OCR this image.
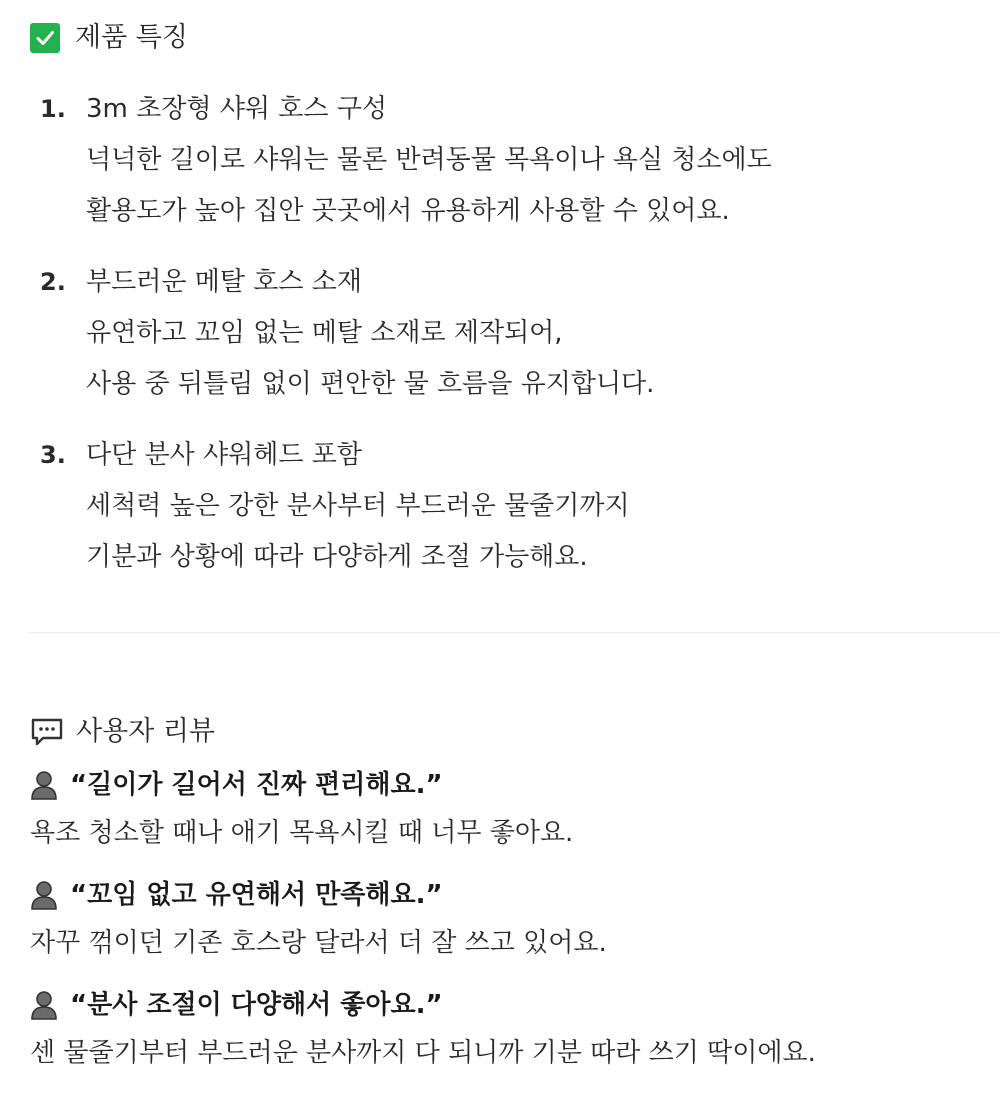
제품 특징
1. 3m 초장형 샤워 호스 구성
넉넉한 길이로 샤워는 물론 반려동물 목욕이나 욕실 청소에도
활용도가 높아 집안 곳곳에서 유용하게 사용할 수 있어요.
2. 부드러운 메탈 호스 소재
유연하고 꼬임 없는 메탈 소재로 제작되어,
사용 중 뒤틀림 없이 편안한 물 흐름을 유지합니다.
3. 다단 분사 샤워헤드 포함
세척력 높은 강한 분사부터 부드러운 물줄기까지
기분과 상황에 따라 다양하게 조절 가능해요.
사용자 리뷰
“길이가 길어서 진짜 편리해요.”
욕조 청소할 때나 애기 목욕시킬 때 너무 좋아요.
“꼬임 없고 유연해서 만족해요.”
자꾸 꺾이던 기존 호스랑 달라서 더 잘 쓰고 있어요.
“분사 조절이 다양해서 좋아요.”
센 물줄기부터 부드러운 분사까지 다 되니까 기분 따라 쓰기 딱이에요.
